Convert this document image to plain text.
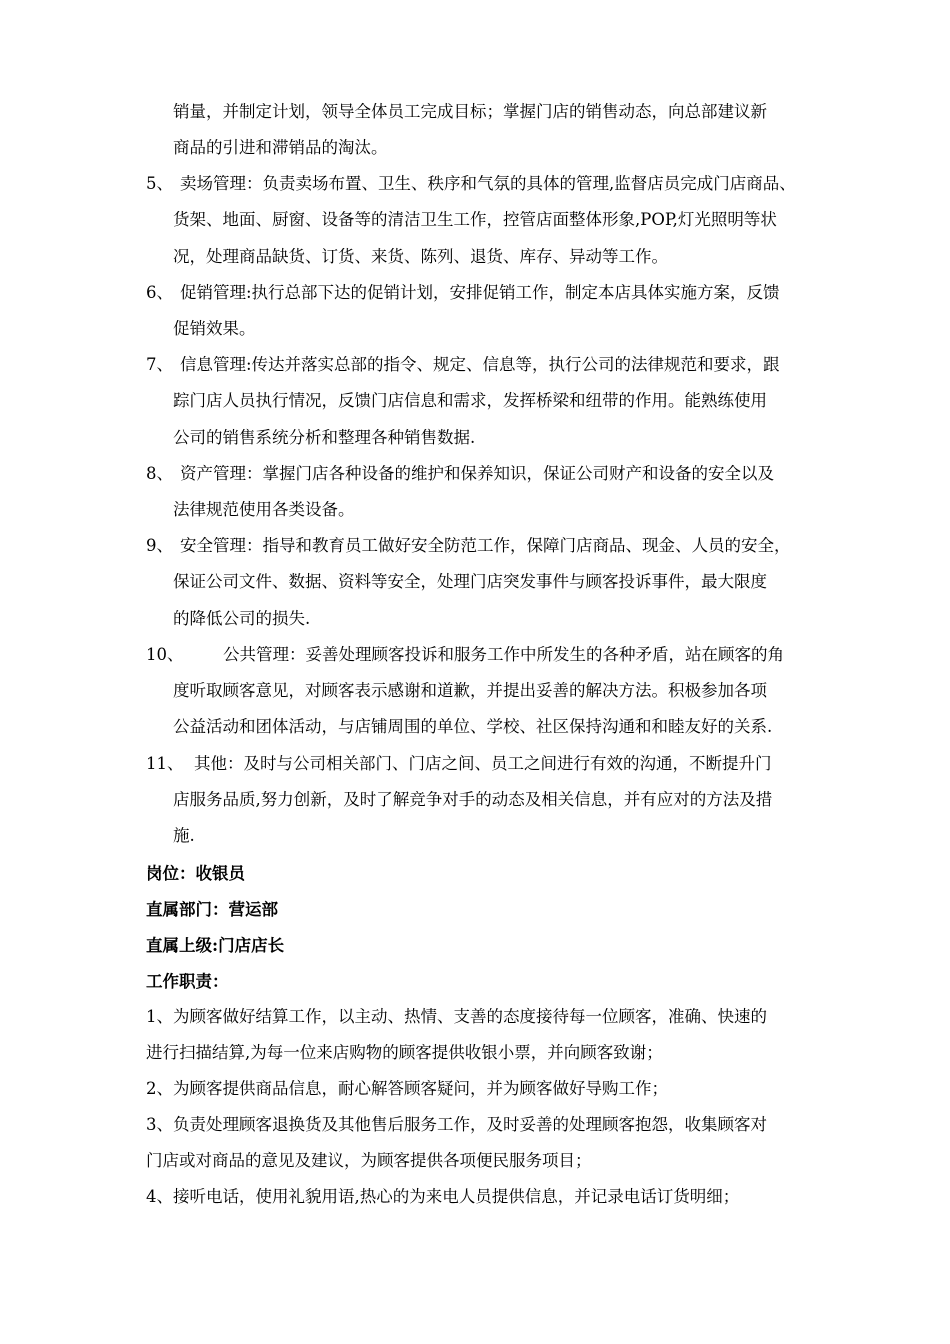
销量，并制定计划，领导全体员工完成目标；掌握门店的销售动态，向总部建议新
商品的引进和滞销品的淘汰。
5、 卖场管理：负责卖场布置、卫生、秩序和气氛的具体的管理,监督店员完成门店商品、
货架、地面、厨窗、设备等的清洁卫生工作，控管店面整体形象,POP,灯光照明等状
况，处理商品缺货、订货、来货、陈列、退货、库存、异动等工作。
6、 促销管理:执行总部下达的促销计划，安排促销工作，制定本店具体实施方案，反馈
促销效果。
7、 信息管理:传达并落实总部的指令、规定、信息等，执行公司的法律规范和要求，跟
踪门店人员执行情况，反馈门店信息和需求，发挥桥梁和纽带的作用。能熟练使用
公司的销售系统分析和整理各种销售数据.
8、 资产管理：掌握门店各种设备的维护和保养知识，保证公司财产和设备的安全以及
法律规范使用各类设备。
9、 安全管理：指导和教育员工做好安全防范工作，保障门店商品、现金、人员的安全，
保证公司文件、数据、资料等安全，处理门店突发事件与顾客投诉事件，最大限度
的降低公司的损失.
10、 公共管理：妥善处理顾客投诉和服务工作中所发生的各种矛盾，站在顾客的角
度听取顾客意见，对顾客表示感谢和道歉，并提出妥善的解决方法。积极参加各项
公益活动和团体活动，与店铺周围的单位、学校、社区保持沟通和和睦友好的关系.
11、 其他：及时与公司相关部门、门店之间、员工之间进行有效的沟通，不断提升门
店服务品质,努力创新，及时了解竞争对手的动态及相关信息，并有应对的方法及措
施.
岗位：收银员
直属部门：营运部
直属上级:门店店长
工作职责：
1、为顾客做好结算工作，以主动、热情、支善的态度接待每一位顾客，准确、快速的
进行扫描结算,为每一位来店购物的顾客提供收银小票，并向顾客致谢；
2、为顾客提供商品信息，耐心解答顾客疑问，并为顾客做好导购工作；
3、负责处理顾客退换货及其他售后服务工作，及时妥善的处理顾客抱怨，收集顾客对
门店或对商品的意见及建议，为顾客提供各项便民服务项目；
4、接听电话，使用礼貌用语,热心的为来电人员提供信息，并记录电话订货明细；
